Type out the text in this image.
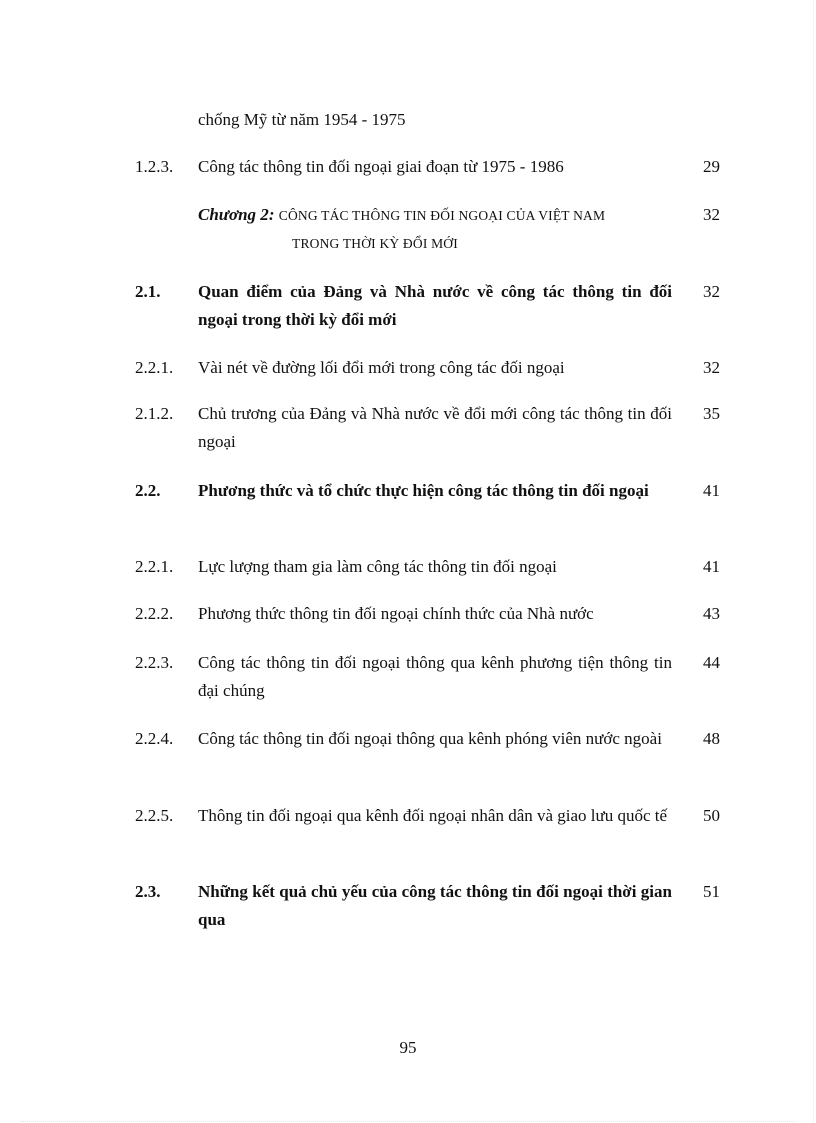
chống Mỹ từ năm 1954 - 1975
1.2.3. Công tác thông tin đối ngoại giai đoạn từ 1975 - 1986	29
Chương 2: CÔNG TÁC THÔNG TIN ĐỐI NGOẠI CỦA VIỆT NAM
TRONG THỜI KỲ ĐỔI MỚI
32
2.1. Quan điểm của Đảng và Nhà nước về công tác thông tin đối ngoại trong thời kỳ đổi mới
32
2.2.1. Vài nét về đường lối đổi mới trong công tác đối ngoại	32
2.1.2. Chủ trương của Đảng và Nhà nước về đổi mới công tác thông tin đối ngoại
35
2.2. Phương thức và tổ chức thực hiện công tác thông tin đối ngoại	41
2.2.1. Lực lượng tham gia làm công tác thông tin đối ngoại	41
2.2.2. Phương thức thông tin đối ngoại chính thức của Nhà nước	43
2.2.3. Công tác thông tin đối ngoại thông qua kênh phương tiện thông tin đại chúng
44
2.2.4. Công tác thông tin đối ngoại thông qua kênh phóng viên nước ngoài	48
2.2.5. Thông tin đối ngoại qua kênh đối ngoại nhân dân và giao lưu quốc tế 50
2.3. Những kết quả chủ yếu của công tác thông tin đối ngoại thời gian qua
51
95
